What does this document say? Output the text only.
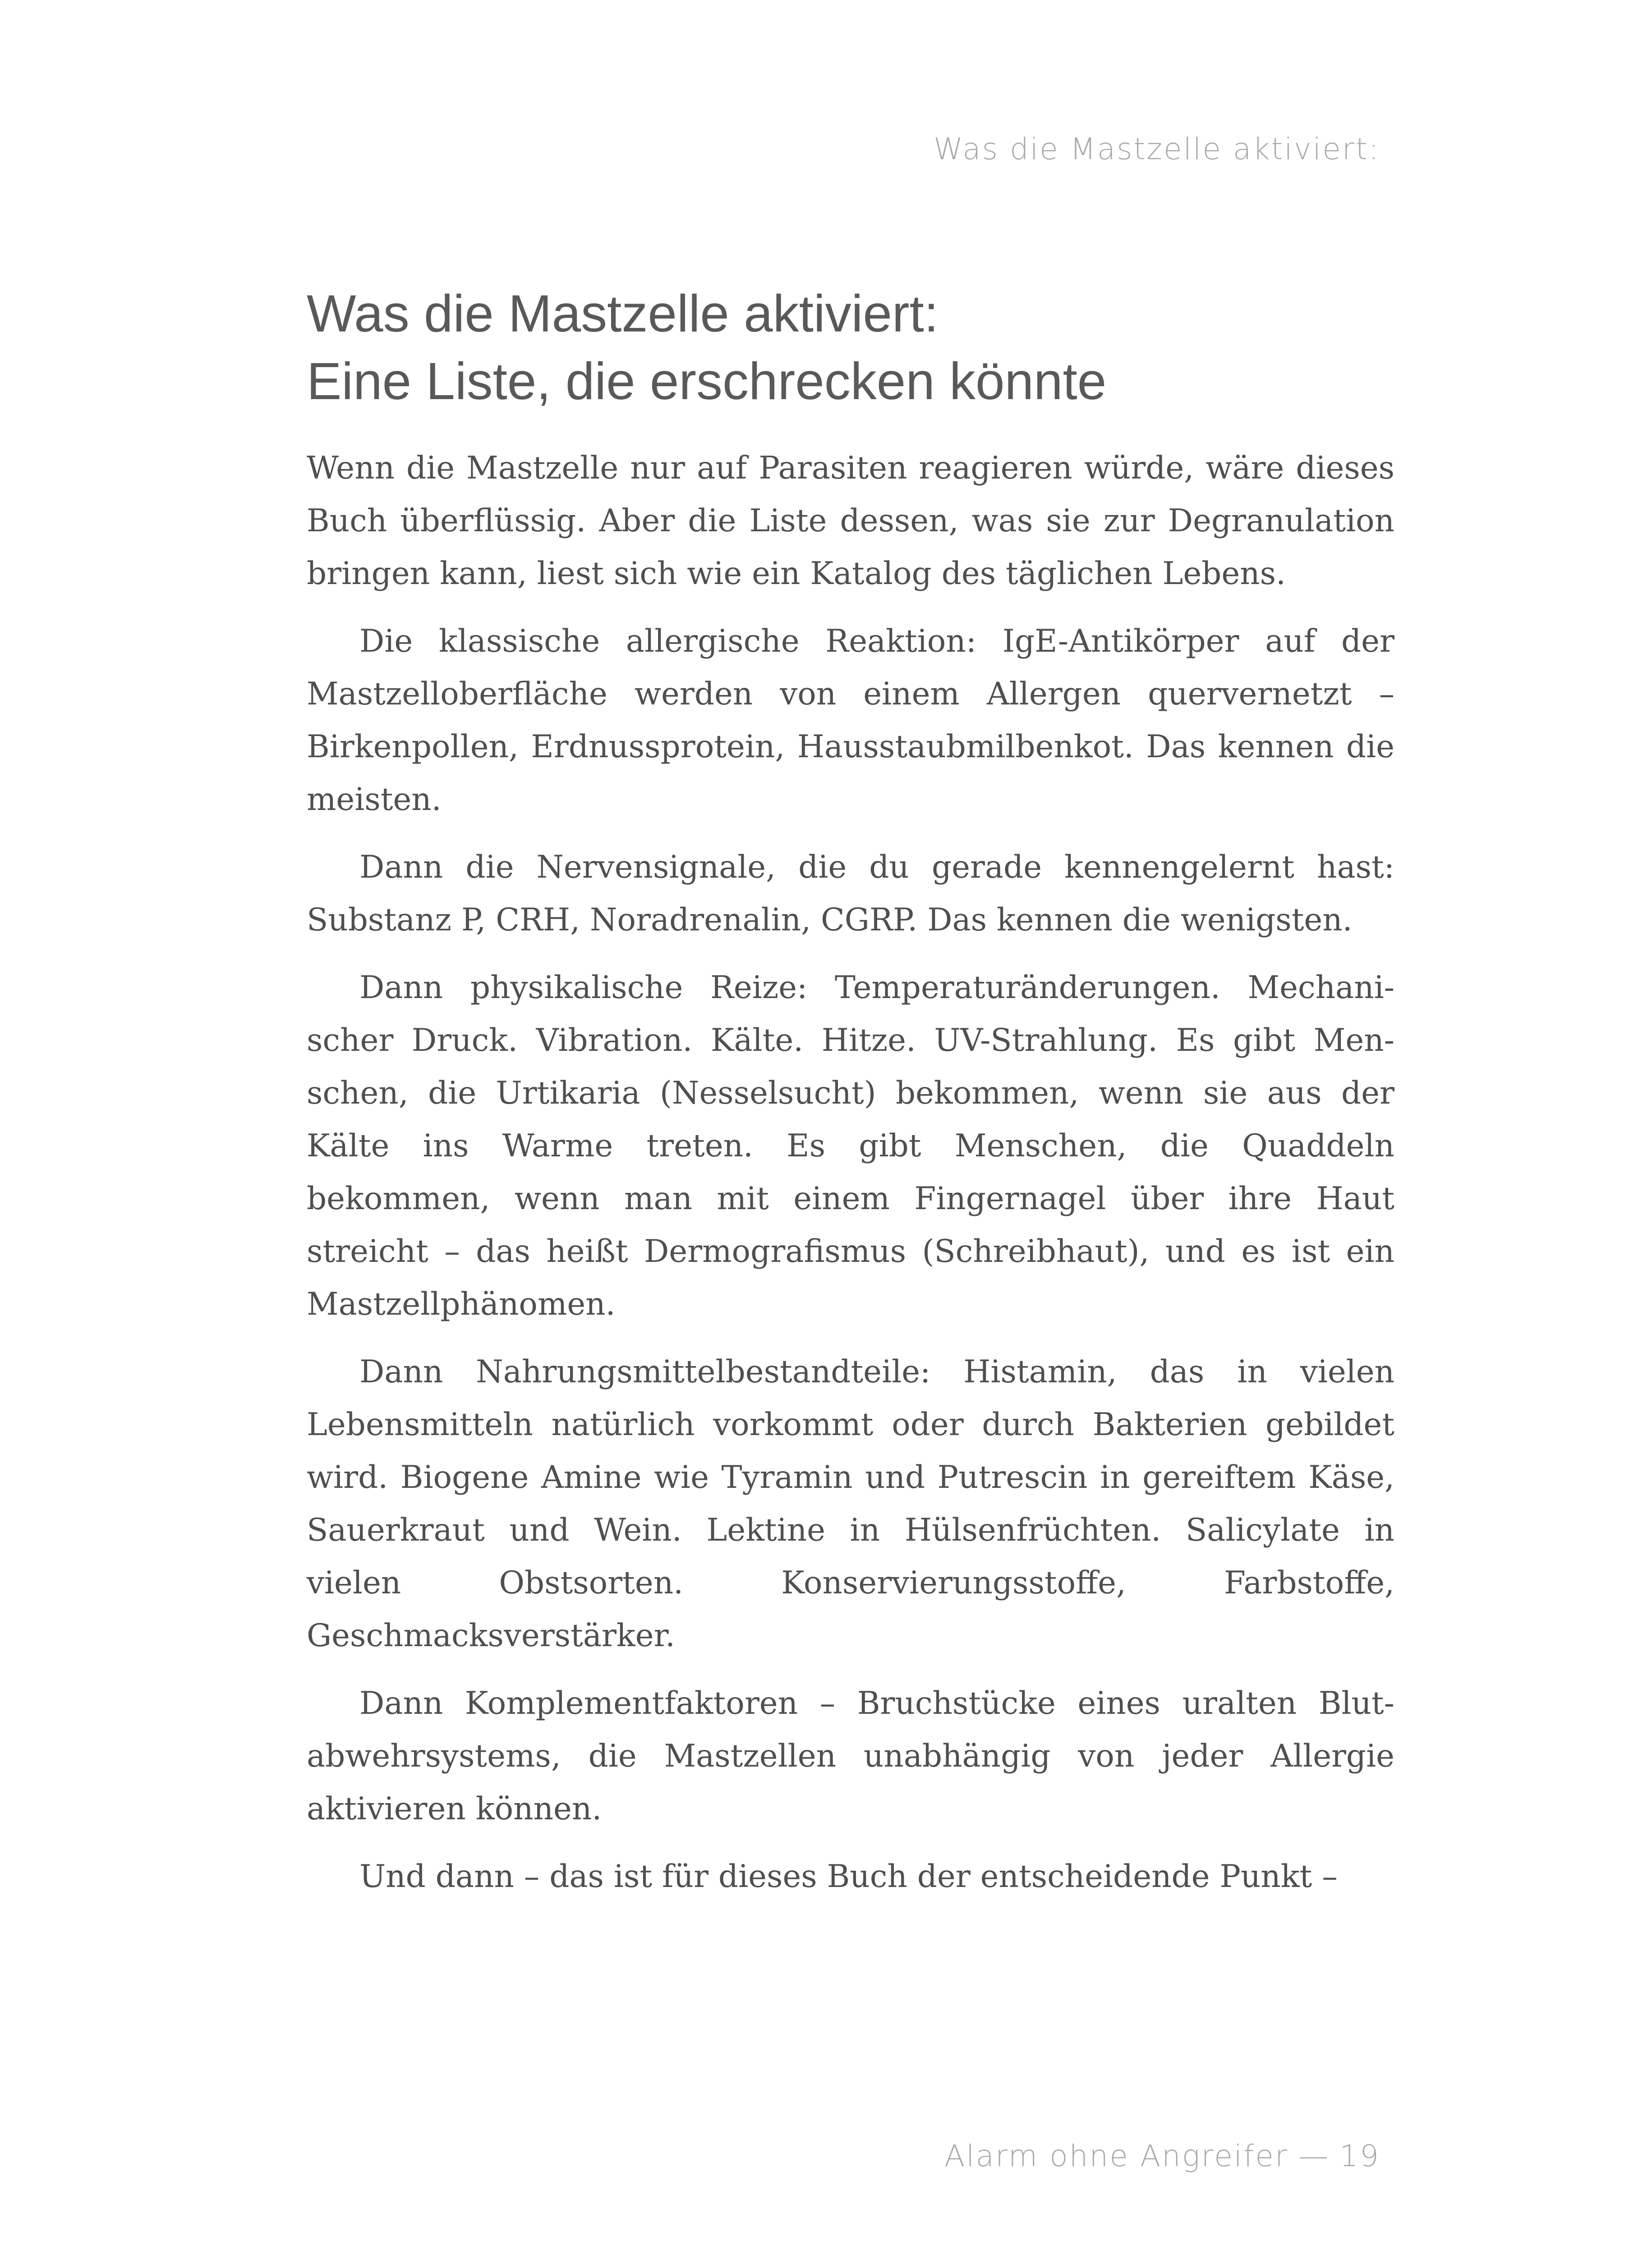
Was die Mastzelle aktiviert:
Was die Mastzelle aktiviert:
Eine Liste, die erschrecken könnte

Wenn die Mastzelle nur auf Parasiten reagieren würde, wäre dieses Buch überflüssig. Aber die Liste dessen, was sie zur Degranulation bringen kann, liest sich wie ein Katalog des täglichen Lebens.

Die klassische allergische Reaktion: IgE-Antikörper auf der Mastzelloberfläche werden von einem Allergen quervernetzt – Birkenpollen, Erdnussprotein, Hausstaubmilbenkot. Das kennen die meisten.

Dann die Nervensignale, die du gerade kennengelernt hast: Substanz P, CRH, Noradrenalin, CGRP. Das kennen die wenigsten.

Dann physikalische Reize: Temperaturänderungen. Mechanischer Druck. Vibration. Kälte. Hitze. UV-Strahlung. Es gibt Menschen, die Urtikaria (Nesselsucht) bekommen, wenn sie aus der Kälte ins Warme treten. Es gibt Menschen, die Quaddeln bekommen, wenn man mit einem Fingernagel über ihre Haut streicht – das heißt Dermografismus (Schreibhaut), und es ist ein Mastzellphänomen.

Dann Nahrungsmittelbestandteile: Histamin, das in vielen Lebensmitteln natürlich vorkommt oder durch Bakterien gebildet wird. Biogene Amine wie Tyramin und Putrescin in gereiftem Käse, Sauerkraut und Wein. Lektine in Hülsenfrüchten. Salicylate in vielen Obstsorten. Konservierungsstoffe, Farbstoffe, Geschmacksverstärker.

Dann Komplementfaktoren – Bruchstücke eines uralten Blutabwehrsystems, die Mastzellen unabhängig von jeder Allergie aktivieren können.

Und dann – das ist für dieses Buch der entscheidende Punkt –

Alarm ohne Angreifer — 19
